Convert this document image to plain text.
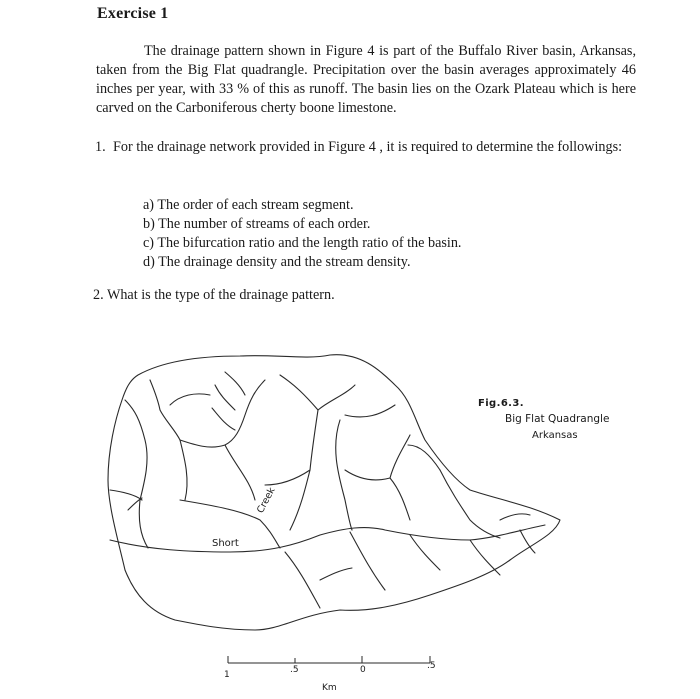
Exercise 1
The drainage pattern shown in Figure 4 is part of the Buffalo River basin, Arkansas, taken from the Big Flat quadrangle. Precipitation over the basin averages approximately 46 inches per year, with 33 % of this as runoff. The basin lies on the Ozark Plateau which is here carved on the Carboniferous cherty boone limestone.
1. For the drainage network provided in Figure 4 , it is required to determine the followings:
a) The order of each stream segment.
b) The number of streams of each order.
c) The bifurcation ratio and the length ratio of the basin.
d) The drainage density and the stream density.
2. What is the type of the drainage pattern.
Fig.6.3.
Big Flat Quadrangle
Arkansas
Short
Creek
1	.5	0	.5
Km
